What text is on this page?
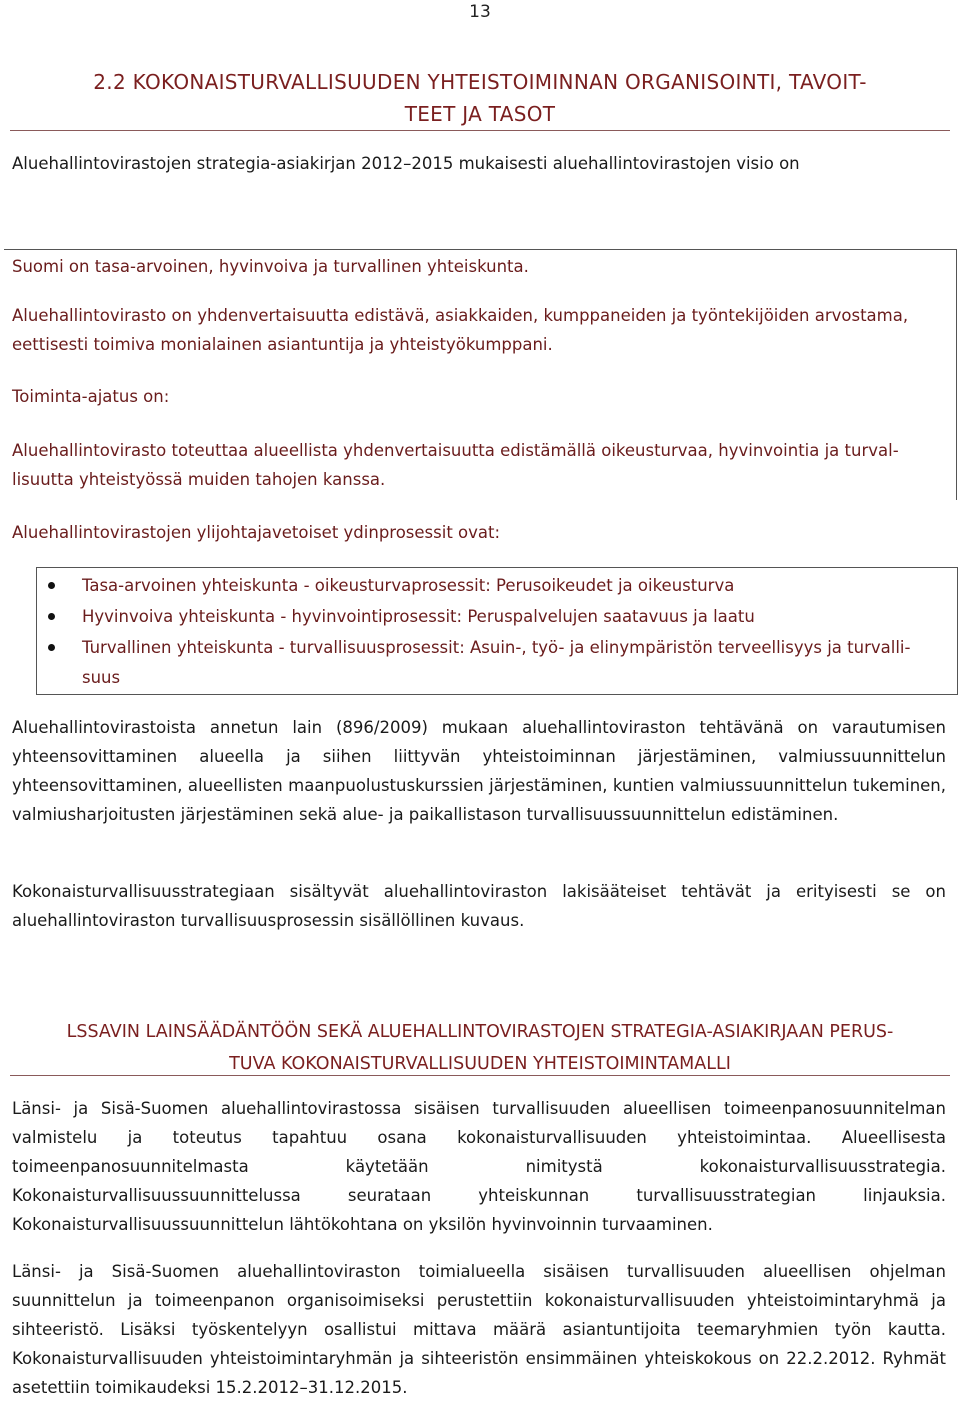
13
2.2 KOKONAISTURVALLISUUDEN YHTEISTOIMINNAN ORGANISOINTI, TAVOIT-
TEET JA TASOT
Aluehallintovirastojen strategia-asiakirjan 2012–2015 mukaisesti aluehallintovirastojen visio on
Suomi on tasa-arvoinen, hyvinvoiva ja turvallinen yhteiskunta.
Aluehallintovirasto on yhdenvertaisuutta edistävä, asiakkaiden, kumppaneiden ja työntekijöiden arvostama,
eettisesti toimiva monialainen asiantuntija ja yhteistyökumppani.
Toiminta-ajatus on:
Aluehallintovirasto toteuttaa alueellista yhdenvertaisuutta edistämällä oikeusturvaa, hyvinvointia ja turval-
lisuutta yhteistyössä muiden tahojen kanssa.
Aluehallintovirastojen ylijohtajavetoiset ydinprosessit ovat:
Tasa-arvoinen yhteiskunta - oikeusturvaprosessit: Perusoikeudet ja oikeusturva
Hyvinvoiva yhteiskunta - hyvinvointiprosessit: Peruspalvelujen saatavuus ja laatu
Turvallinen yhteiskunta - turvallisuusprosessit: Asuin-, työ- ja elinympäristön terveellisyys ja turvalli-
suus
Aluehallintovirastoista annetun lain (896/2009) mukaan aluehallintoviraston tehtävänä on varautumisen yhteensovittaminen alueella ja siihen liittyvän yhteistoiminnan järjestäminen, valmiussuunnittelun yhteensovittaminen, alueellisten maanpuolustuskurssien järjestäminen, kuntien valmiussuunnittelun tukeminen, valmiusharjoitusten järjestäminen sekä alue- ja paikallistason turvallisuussuunnittelun edistäminen.
Kokonaisturvallisuusstrategiaan sisältyvät aluehallintoviraston lakisääteiset tehtävät ja erityisesti se on aluehallintoviraston turvallisuusprosessin sisällöllinen kuvaus.
LSSAVIN LAINSÄÄDÄNTÖÖN SEKÄ ALUEHALLINTOVIRASTOJEN STRATEGIA-ASIAKIRJAAN PERUS-
TUVA KOKONAISTURVALLISUUDEN YHTEISTOIMINTAMALLI
Länsi- ja Sisä-Suomen aluehallintovirastossa sisäisen turvallisuuden alueellisen toimeenpanosuunnitelman valmistelu ja toteutus tapahtuu osana kokonaisturvallisuuden yhteistoimintaa. Alueellisesta toimeenpanosuunnitelmasta käytetään nimitystä kokonaisturvallisuusstrategia. Kokonaisturvallisuussuunnittelussa seurataan yhteiskunnan turvallisuusstrategian linjauksia. Kokonaisturvallisuussuunnittelun lähtökohtana on yksilön hyvinvoinnin turvaaminen.
Länsi- ja Sisä-Suomen aluehallintoviraston toimialueella sisäisen turvallisuuden alueellisen ohjelman suunnittelun ja toimeenpanon organisoimiseksi perustettiin kokonaisturvallisuuden yhteistoimintaryhmä ja sihteeristö. Lisäksi työskentelyyn osallistui mittava määrä asiantuntijoita teemaryhmien työn kautta. Kokonaisturvallisuuden yhteistoimintaryhmän ja sihteeristön ensimmäinen yhteiskokous on 22.2.2012. Ryhmät asetettiin toimikaudeksi 15.2.2012–31.12.2015.
